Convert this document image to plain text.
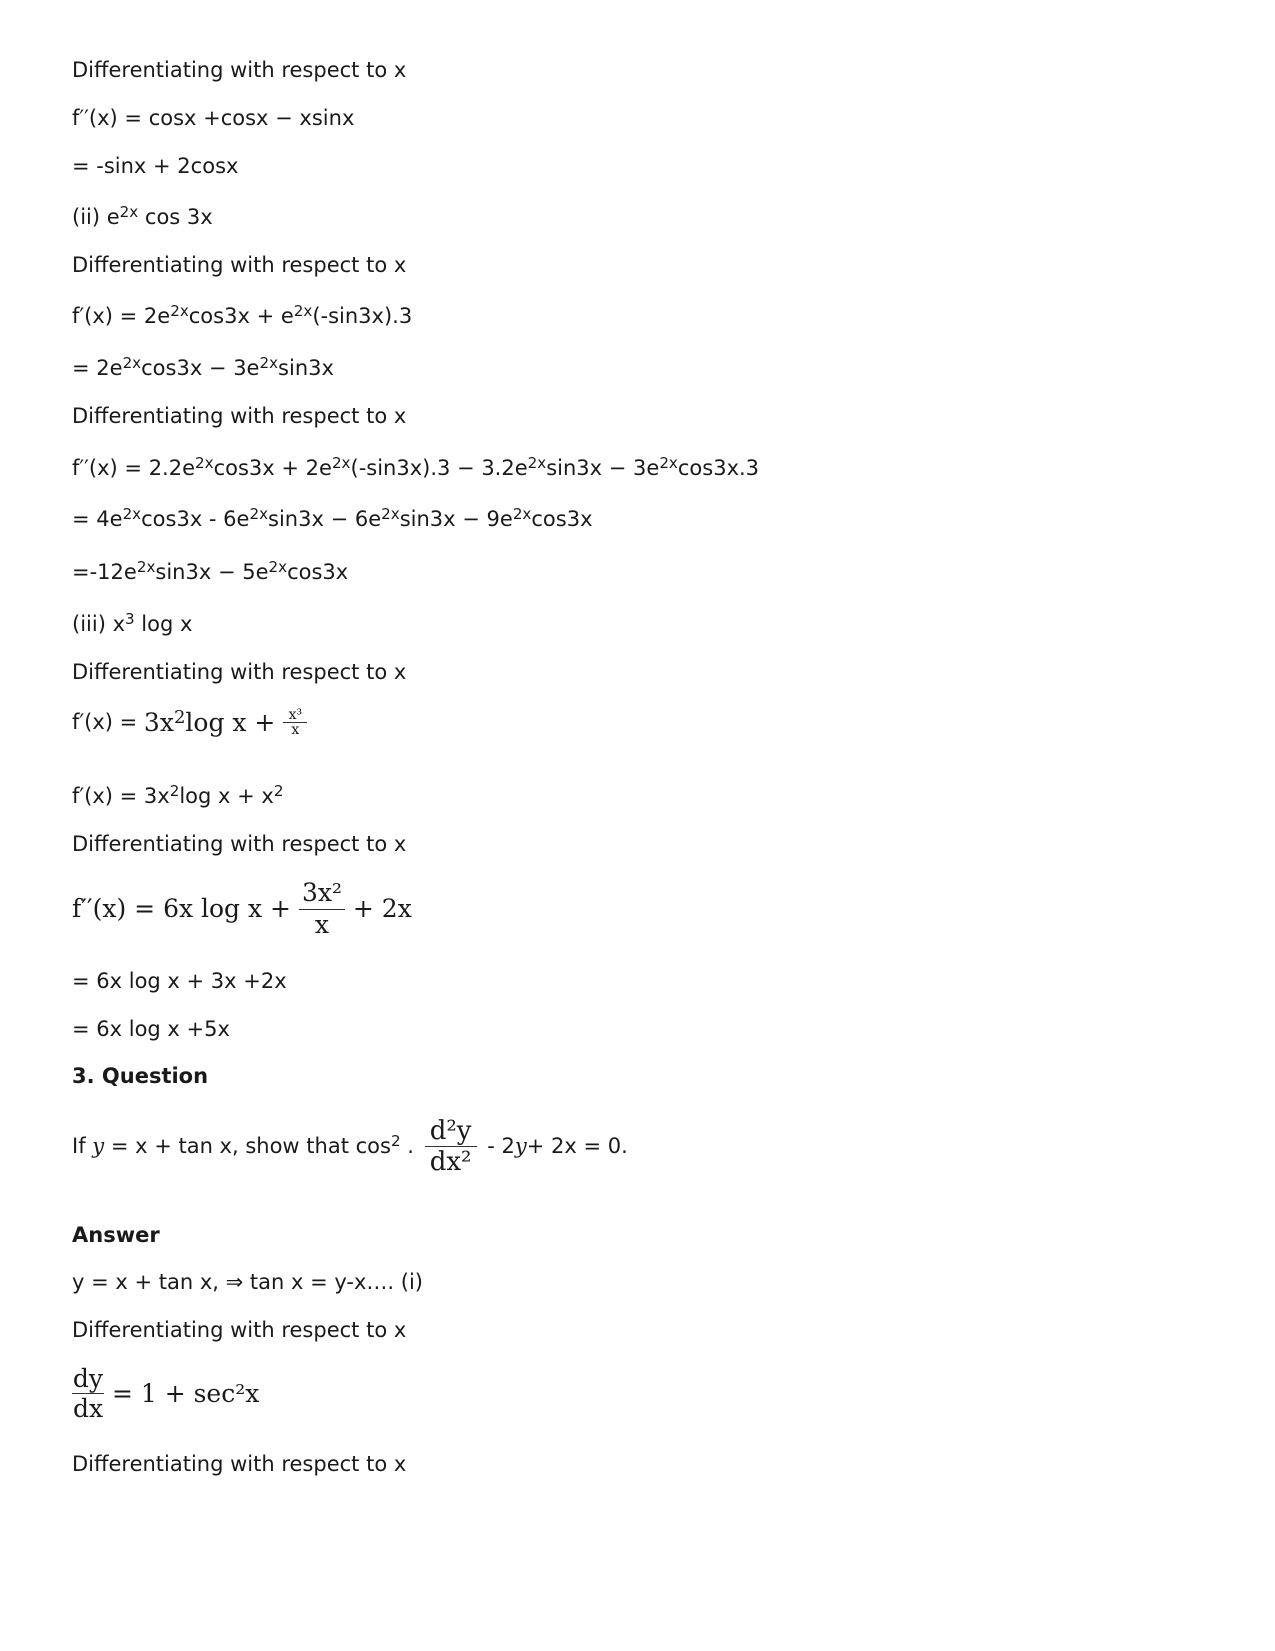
Differentiating with respect to x
f′′(x) = cosx +cosx − xsinx
= -sinx + 2cosx
(ii) $e^{2x}$ cos 3x
Differentiating with respect to x
$f'(x) = 2e^{2x}\cos 3x + e^{2x}(-\sin 3x).3$
= $2e^{2x}\cos 3x - 3e^{2x}\sin 3x$
Differentiating with respect to x
$f''(x) = 2.2e^{2x}\cos 3x + 2e^{2x}(-\sin 3x).3 - 3.2e^{2x}\sin 3x - 3e^{2x}\cos 3x.3$
= $4e^{2x}\cos 3x - 6e^{2x}\sin 3x - 6e^{2x}\sin 3x - 9e^{2x}\cos 3x$
$=-12e^{2x}\sin 3x - 5e^{2x}\cos 3x$
(iii) $x^3$ log x
Differentiating with respect to x
$f'(x) = 3x^2\log$ $x + \frac{\text{x³}}{x}$
$f'(x) = 3x^2\log$ $x + x^2$
Differentiating with respect to x
f′′(x) = 6x $\log x + \frac{\text{3x²}}{x} + 2x$
= 6x log x + 3x +2x
= 6x log x +5x
3. Question
If y = x + tan x, show that $\cos^2$ . $\frac{\text{d²y}}{\text{dx²}} - 2y+ 2x = 0$.
Answer
y = x + tan x, ⇒ tan x = y-x…. (i)
Differentiating with respect to x
$\frac{dy}{dx} = 1 + \sec^2x$
Differentiating with respect to x
